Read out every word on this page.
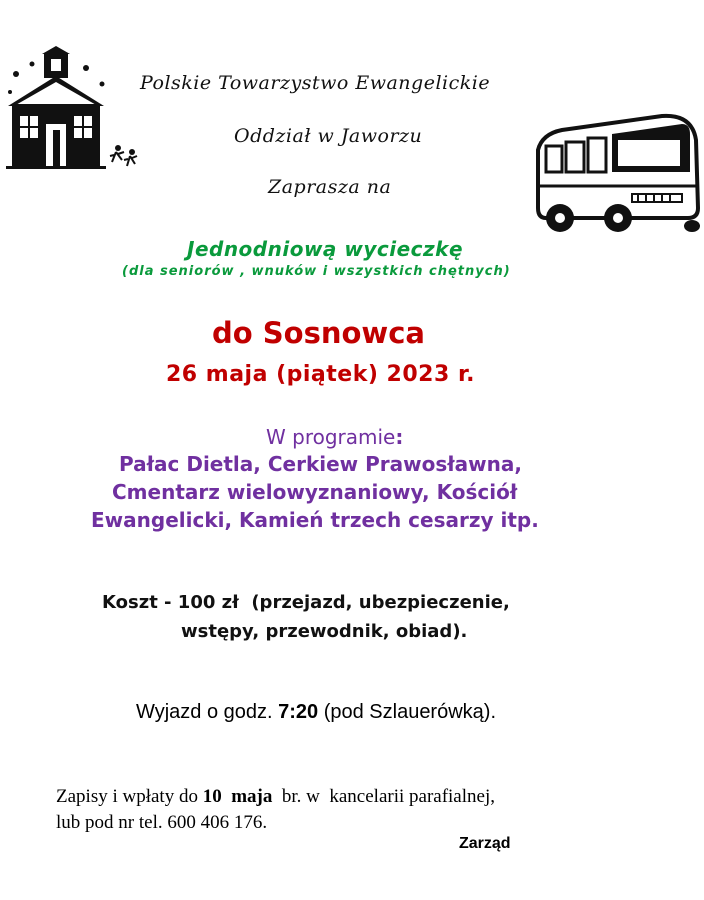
Polskie Towarzystwo Ewangelickie
Oddział w Jaworzu
Zaprasza na
Jednodniową wycieczkę
(dla seniorów , wnuków i wszystkich chętnych)
do Sosnowca
26 maja (piątek) 2023 r.
W programie:
Pałac Dietla, Cerkiew Prawosławna,
Cmentarz wielowyznaniowy, Kościół
Ewangelicki, Kamień trzech cesarzy itp.
Koszt - 100 zł  (przejazd, ubezpieczenie,
wstępy, przewodnik, obiad).
Wyjazd o godz. 7:20 (pod Szlauerówką).
Zapisy i wpłaty do 10  maja  br. w  kancelarii parafialnej,
lub pod nr tel. 600 406 176.
Zarząd
